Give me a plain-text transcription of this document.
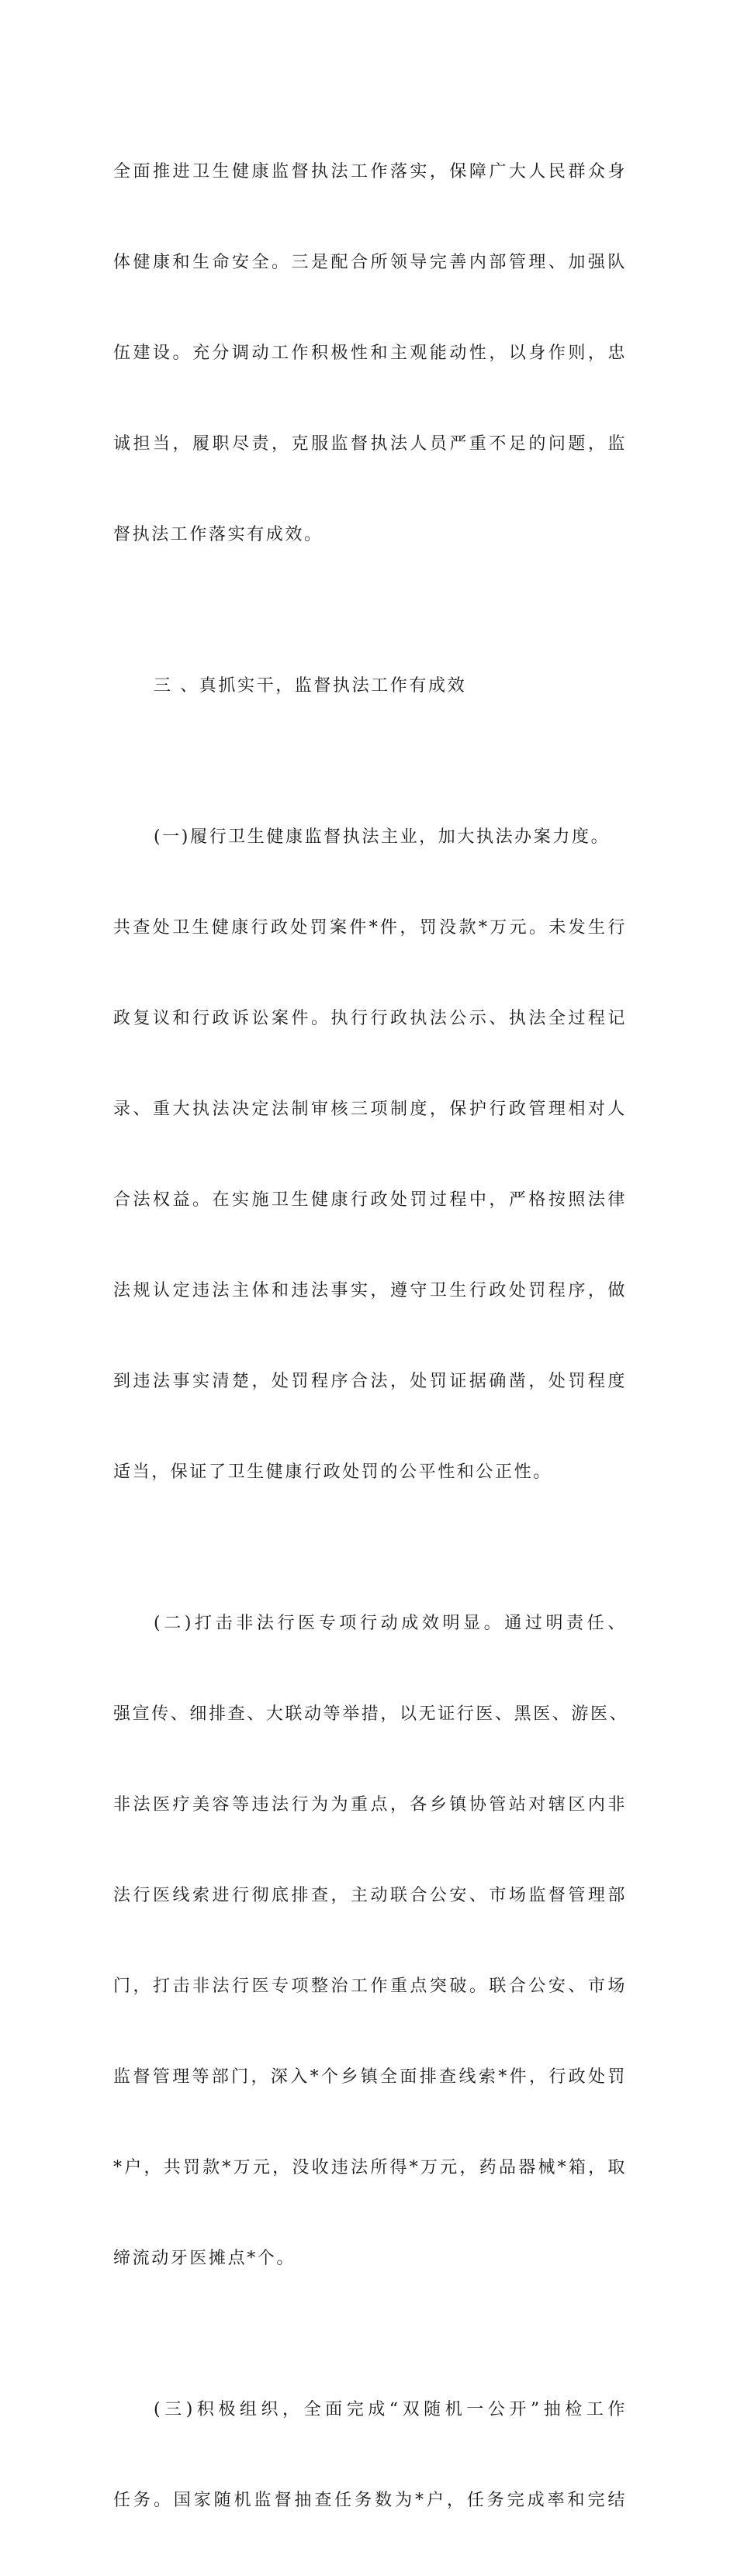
全面推进卫生健康监督执法工作落实，保障广大人民群众身

体健康和生命安全。三是配合所领导完善内部管理、加强队

伍建设。充分调动工作积极性和主观能动性，以身作则，忠

诚担当，履职尽责，克服监督执法人员严重不足的问题，监

督执法工作落实有成效。

三 、真抓实干，监督执法工作有成效

(一)履行卫生健康监督执法主业，加大执法办案力度。

共查处卫生健康行政处罚案件*件，罚没款*万元。未发生行

政复议和行政诉讼案件。执行行政执法公示、执法全过程记

录、重大执法决定法制审核三项制度，保护行政管理相对人

合法权益。在实施卫生健康行政处罚过程中，严格按照法律

法规认定违法主体和违法事实，遵守卫生行政处罚程序，做

到违法事实清楚，处罚程序合法，处罚证据确凿，处罚程度

适当，保证了卫生健康行政处罚的公平性和公正性。

(二)打击非法行医专项行动成效明显。通过明责任、

强宣传、细排查、大联动等举措，以无证行医、黑医、游医、

非法医疗美容等违法行为为重点，各乡镇协管站对辖区内非

法行医线索进行彻底排查，主动联合公安、市场监督管理部

门，打击非法行医专项整治工作重点突破。联合公安、市场

监督管理等部门，深入*个乡镇全面排查线索*件，行政处罚

*户，共罚款*万元，没收违法所得*万元，药品器械*箱，取

缔流动牙医摊点*个。

(三)积极组织，全面完成“双随机一公开”抽检工作

任务。国家随机监督抽查任务数为*户，任务完成率和完结
